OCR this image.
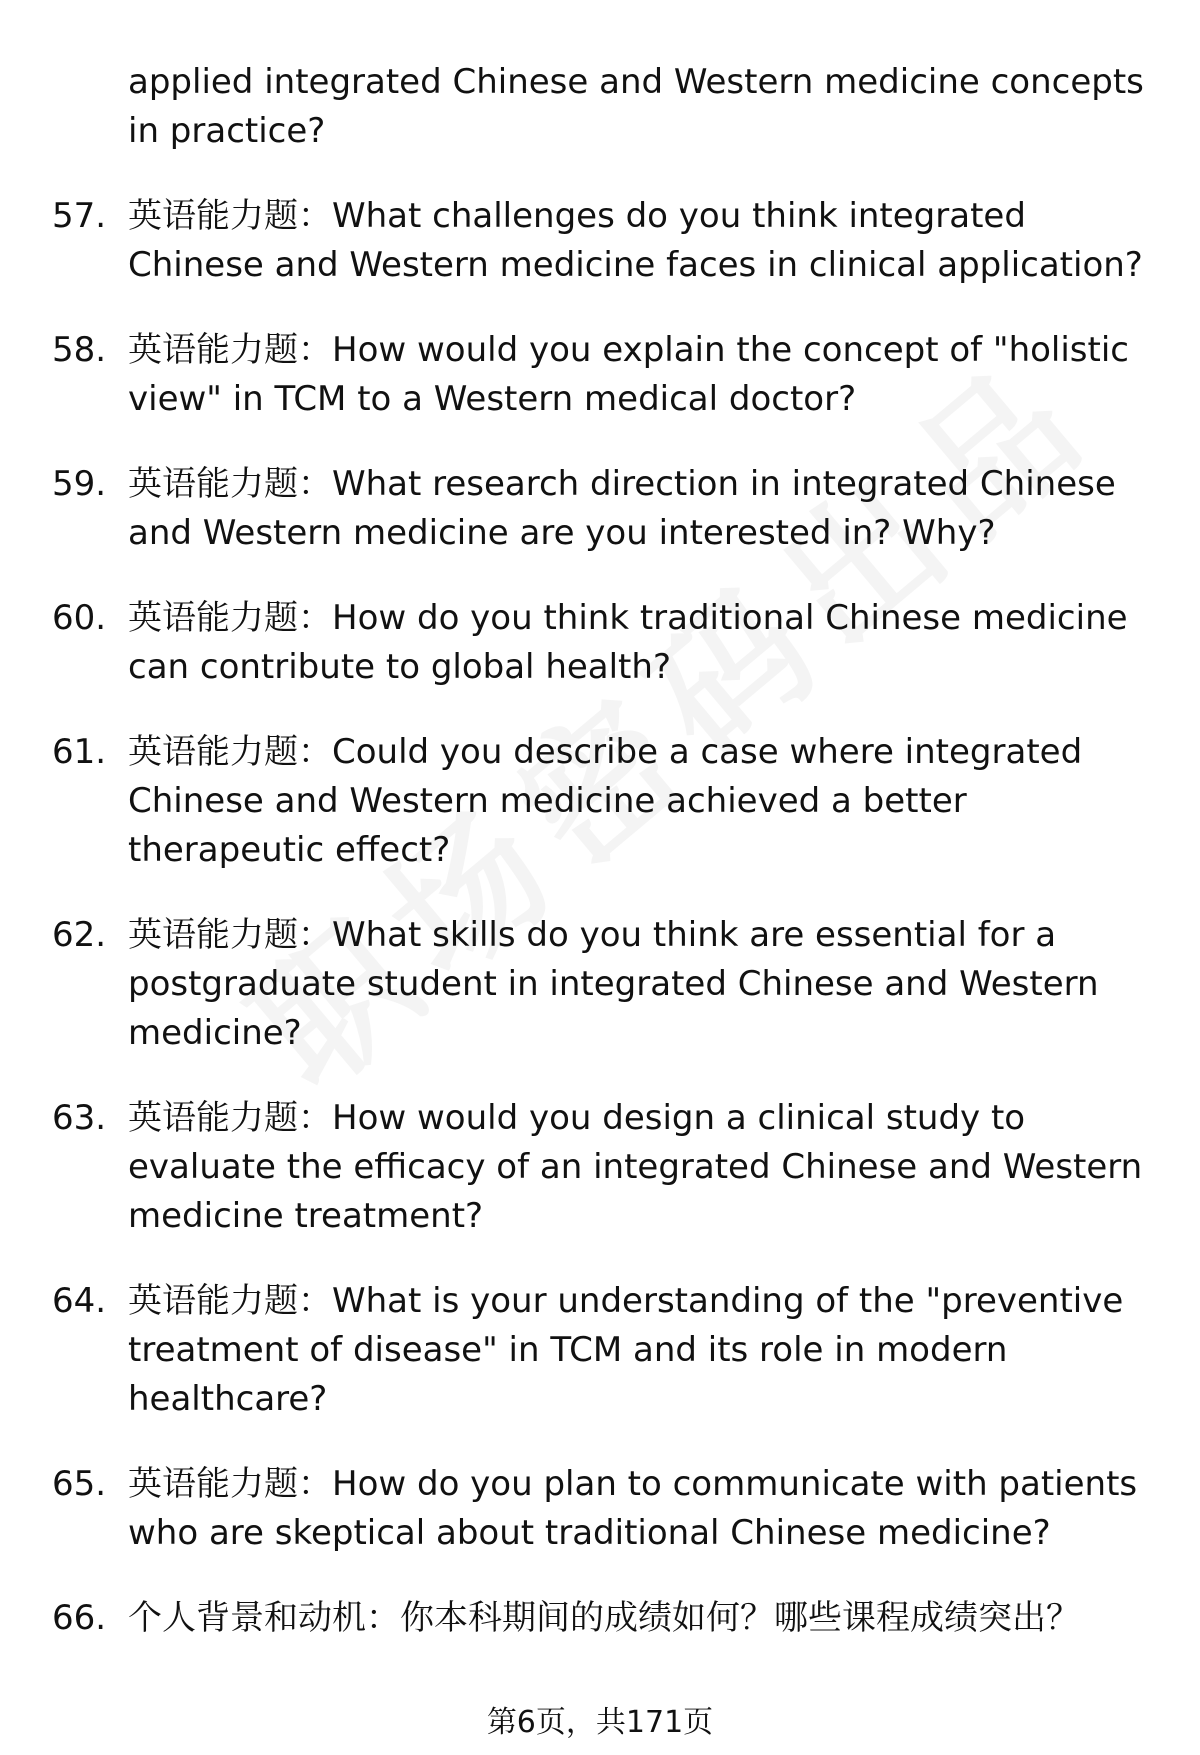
applied integrated Chinese and Western medicine concepts in practice?
57. 英语能力题：What challenges do you think integrated Chinese and Western medicine faces in clinical application?
58. 英语能力题：How would you explain the concept of "holistic view" in TCM to a Western medical doctor?
59. 英语能力题：What research direction in integrated Chinese and Western medicine are you interested in? Why?
60. 英语能力题：How do you think traditional Chinese medicine can contribute to global health?
61. 英语能力题：Could you describe a case where integrated Chinese and Western medicine achieved a better therapeutic effect?
62. 英语能力题：What skills do you think are essential for a postgraduate student in integrated Chinese and Western medicine?
63. 英语能力题：How would you design a clinical study to evaluate the efficacy of an integrated Chinese and Western medicine treatment?
64. 英语能力题：What is your understanding of the "preventive treatment of disease" in TCM and its role in modern healthcare?
65. 英语能力题：How do you plan to communicate with patients who are skeptical about traditional Chinese medicine?
66. 个人背景和动机：你本科期间的成绩如何？哪些课程成绩突出？
第6页，共171页
